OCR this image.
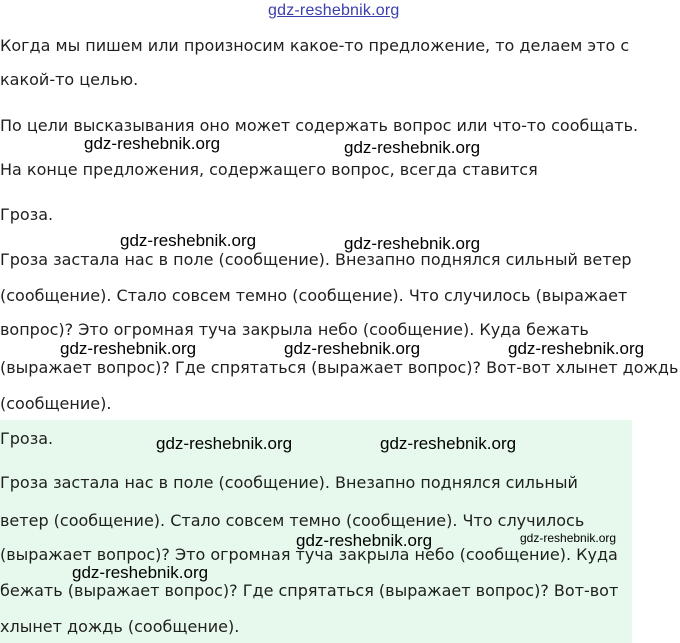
gdz-reshebnik.org
Когда мы пишем или произносим какое-то предложение, то делаем это с
какой-то целью.
По цели высказывания оно может содержать вопрос или что-то сообщать.
На конце предложения, содержащего вопрос, всегда ставится
Гроза.
Гроза застала нас в поле (сообщение). Внезапно поднялся сильный ветер
(сообщение). Стало совсем темно (сообщение). Что случилось (выражает
вопрос)? Это огромная туча закрыла небо (сообщение). Куда бежать
(выражает вопрос)? Где спрятаться (выражает вопрос)? Вот-вот хлынет дождь
(сообщение).
Гроза.
Гроза застала нас в поле (сообщение). Внезапно поднялся сильный
ветер (сообщение). Стало совсем темно (сообщение). Что случилось
(выражает вопрос)? Это огромная туча закрыла небо (сообщение). Куда
бежать (выражает вопрос)? Где спрятаться (выражает вопрос)? Вот-вот
хлынет дождь (сообщение).
gdz-reshebnik.org	gdz-reshebnik.org
gdz-reshebnik.org	gdz-reshebnik.org
gdz-reshebnik.org	gdz-reshebnik.org	gdz-reshebnik.org
gdz-reshebnik.org	gdz-reshebnik.org
gdz-reshebnik.org	gdz-reshebnik.org
gdz-reshebnik.org
